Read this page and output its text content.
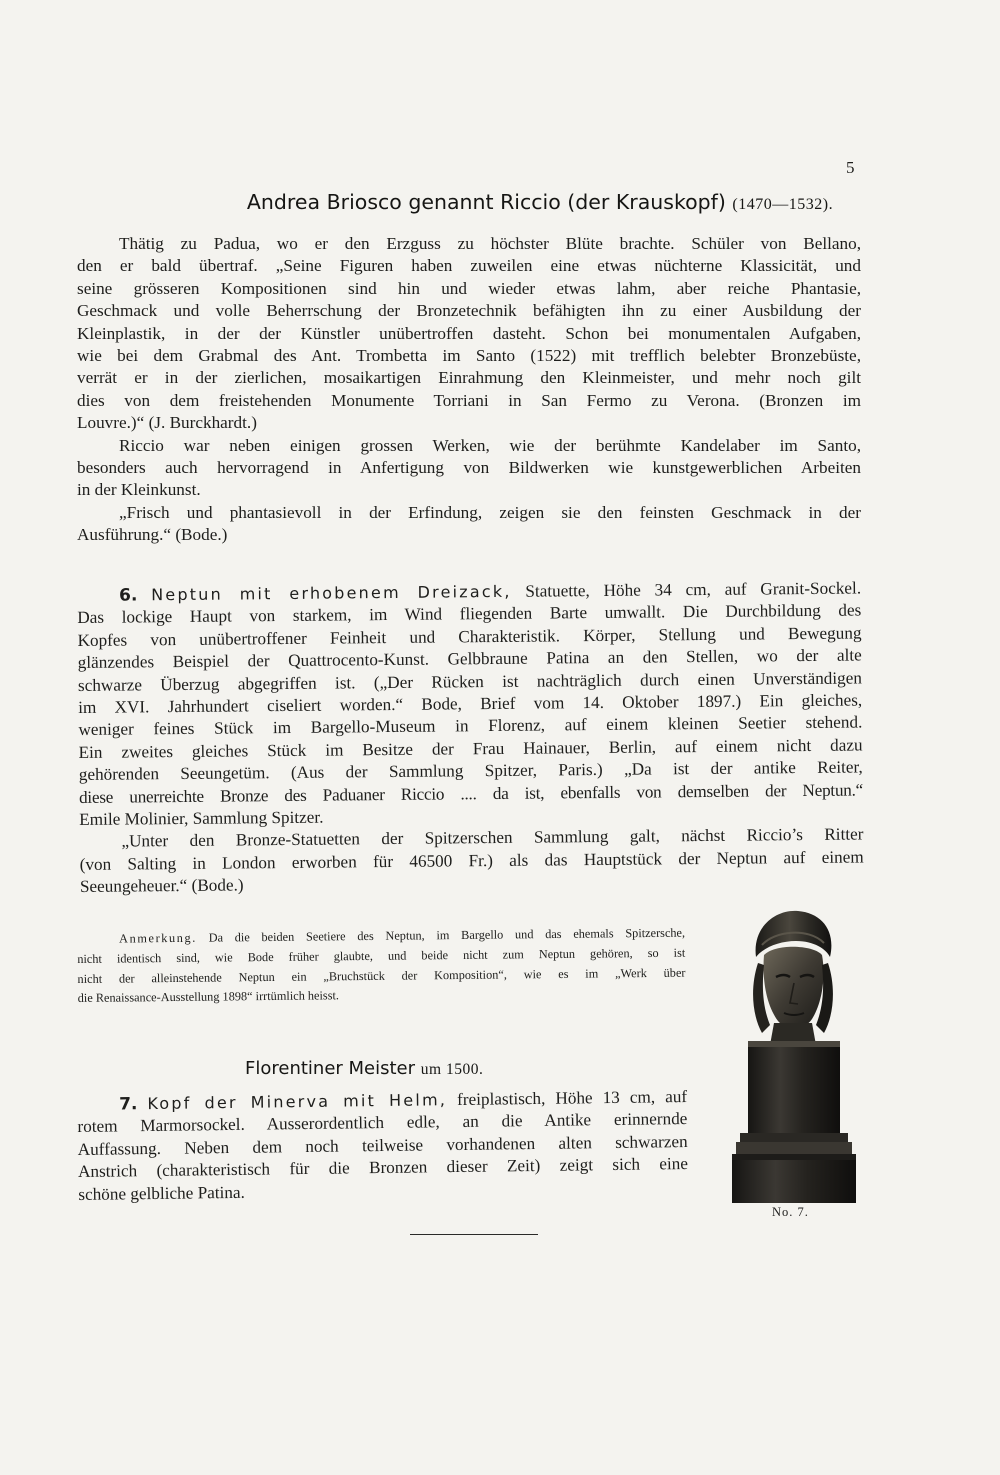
5
Andrea Briosco genannt Riccio (der Krauskopf) (1470—1532).
Thätig zu Padua, wo er den Erzguss zu höchster Blüte brachte. Schüler von Bellano,
den er bald übertraf. „Seine Figuren haben zuweilen eine etwas nüchterne Klassicität, und
seine grösseren Kompositionen sind hin und wieder etwas lahm, aber reiche Phantasie,
Geschmack und volle Beherrschung der Bronzetechnik befähigten ihn zu einer Ausbildung der
Kleinplastik, in der der Künstler unübertroffen dasteht. Schon bei monumentalen Aufgaben,
wie bei dem Grabmal des Ant. Trombetta im Santo (1522) mit trefflich belebter Bronzebüste,
verrät er in der zierlichen, mosaikartigen Einrahmung den Kleinmeister, und mehr noch gilt
dies von dem freistehenden Monumente Torriani in San Fermo zu Verona. (Bronzen im
Louvre.)“ (J. Burckhardt.)
Riccio war neben einigen grossen Werken, wie der berühmte Kandelaber im Santo,
besonders auch hervorragend in Anfertigung von Bildwerken wie kunstgewerblichen Arbeiten
in der Kleinkunst.
„Frisch und phantasievoll in der Erfindung, zeigen sie den feinsten Geschmack in der
Ausführung.“ (Bode.)
6. Neptun mit erhobenem Dreizack, Statuette, Höhe 34 cm, auf Granit-Sockel.
Das lockige Haupt von starkem, im Wind fliegenden Barte umwallt. Die Durchbildung des
Kopfes von unübertroffener Feinheit und Charakteristik. Körper, Stellung und Bewegung
glänzendes Beispiel der Quattrocento-Kunst. Gelbbraune Patina an den Stellen, wo der alte
schwarze Überzug abgegriffen ist. („Der Rücken ist nachträglich durch einen Unverständigen
im XVI. Jahrhundert ciseliert worden.“ Bode, Brief vom 14. Oktober 1897.) Ein gleiches,
weniger feines Stück im Bargello-Museum in Florenz, auf einem kleinen Seetier stehend.
Ein zweites gleiches Stück im Besitze der Frau Hainauer, Berlin, auf einem nicht dazu
gehörenden Seeungetüm. (Aus der Sammlung Spitzer, Paris.) „Da ist der antike Reiter,
diese unerreichte Bronze des Paduaner Riccio .... da ist, ebenfalls von demselben der Neptun.“
Emile Molinier, Sammlung Spitzer.
„Unter den Bronze-Statuetten der Spitzerschen Sammlung galt, nächst Riccio’s Ritter
(von Salting in London erworben für 46500 Fr.) als das Hauptstück der Neptun auf einem
Seeungeheuer.“ (Bode.)
Anmerkung. Da die beiden Seetiere des Neptun, im Bargello und das ehemals Spitzersche,
nicht identisch sind, wie Bode früher glaubte, und beide nicht zum Neptun gehören, so ist
nicht der alleinstehende Neptun ein „Bruchstück der Komposition“, wie es im „Werk über
die Renaissance-Ausstellung 1898“ irrtümlich heisst.
Florentiner Meister um 1500.
7. Kopf der Minerva mit Helm, freiplastisch, Höhe 13 cm, auf
rotem Marmorsockel. Ausserordentlich edle, an die Antike erinnernde
Auffassung. Neben dem noch teilweise vorhandenen alten schwarzen
Anstrich (charakteristisch für die Bronzen dieser Zeit) zeigt sich eine
schöne gelbliche Patina.
No. 7.
